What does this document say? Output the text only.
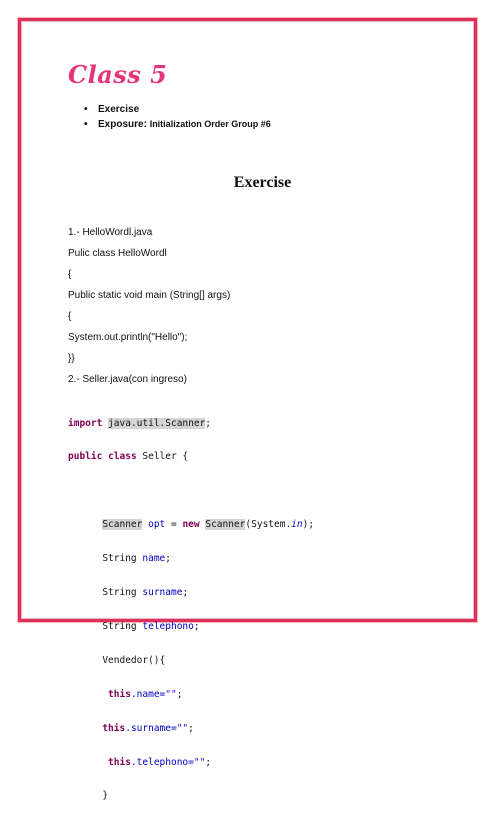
Class 5
• Exercise
• Exposure: Initialization Order Group #6
Exercise
1.- HelloWordl.java
Pulic class HelloWordl
{
Public static void main (String[] args)
{
System.out.println("Hello");
}}
2.- Seller.java(con ingreso)

import java.util.Scanner;

public class Seller {

Scanner opt = new Scanner(System.in);

String name;

String surname;

String telephono;

Vendedor(){

this.name="";

this.surname="";

this.telephono="";

}
